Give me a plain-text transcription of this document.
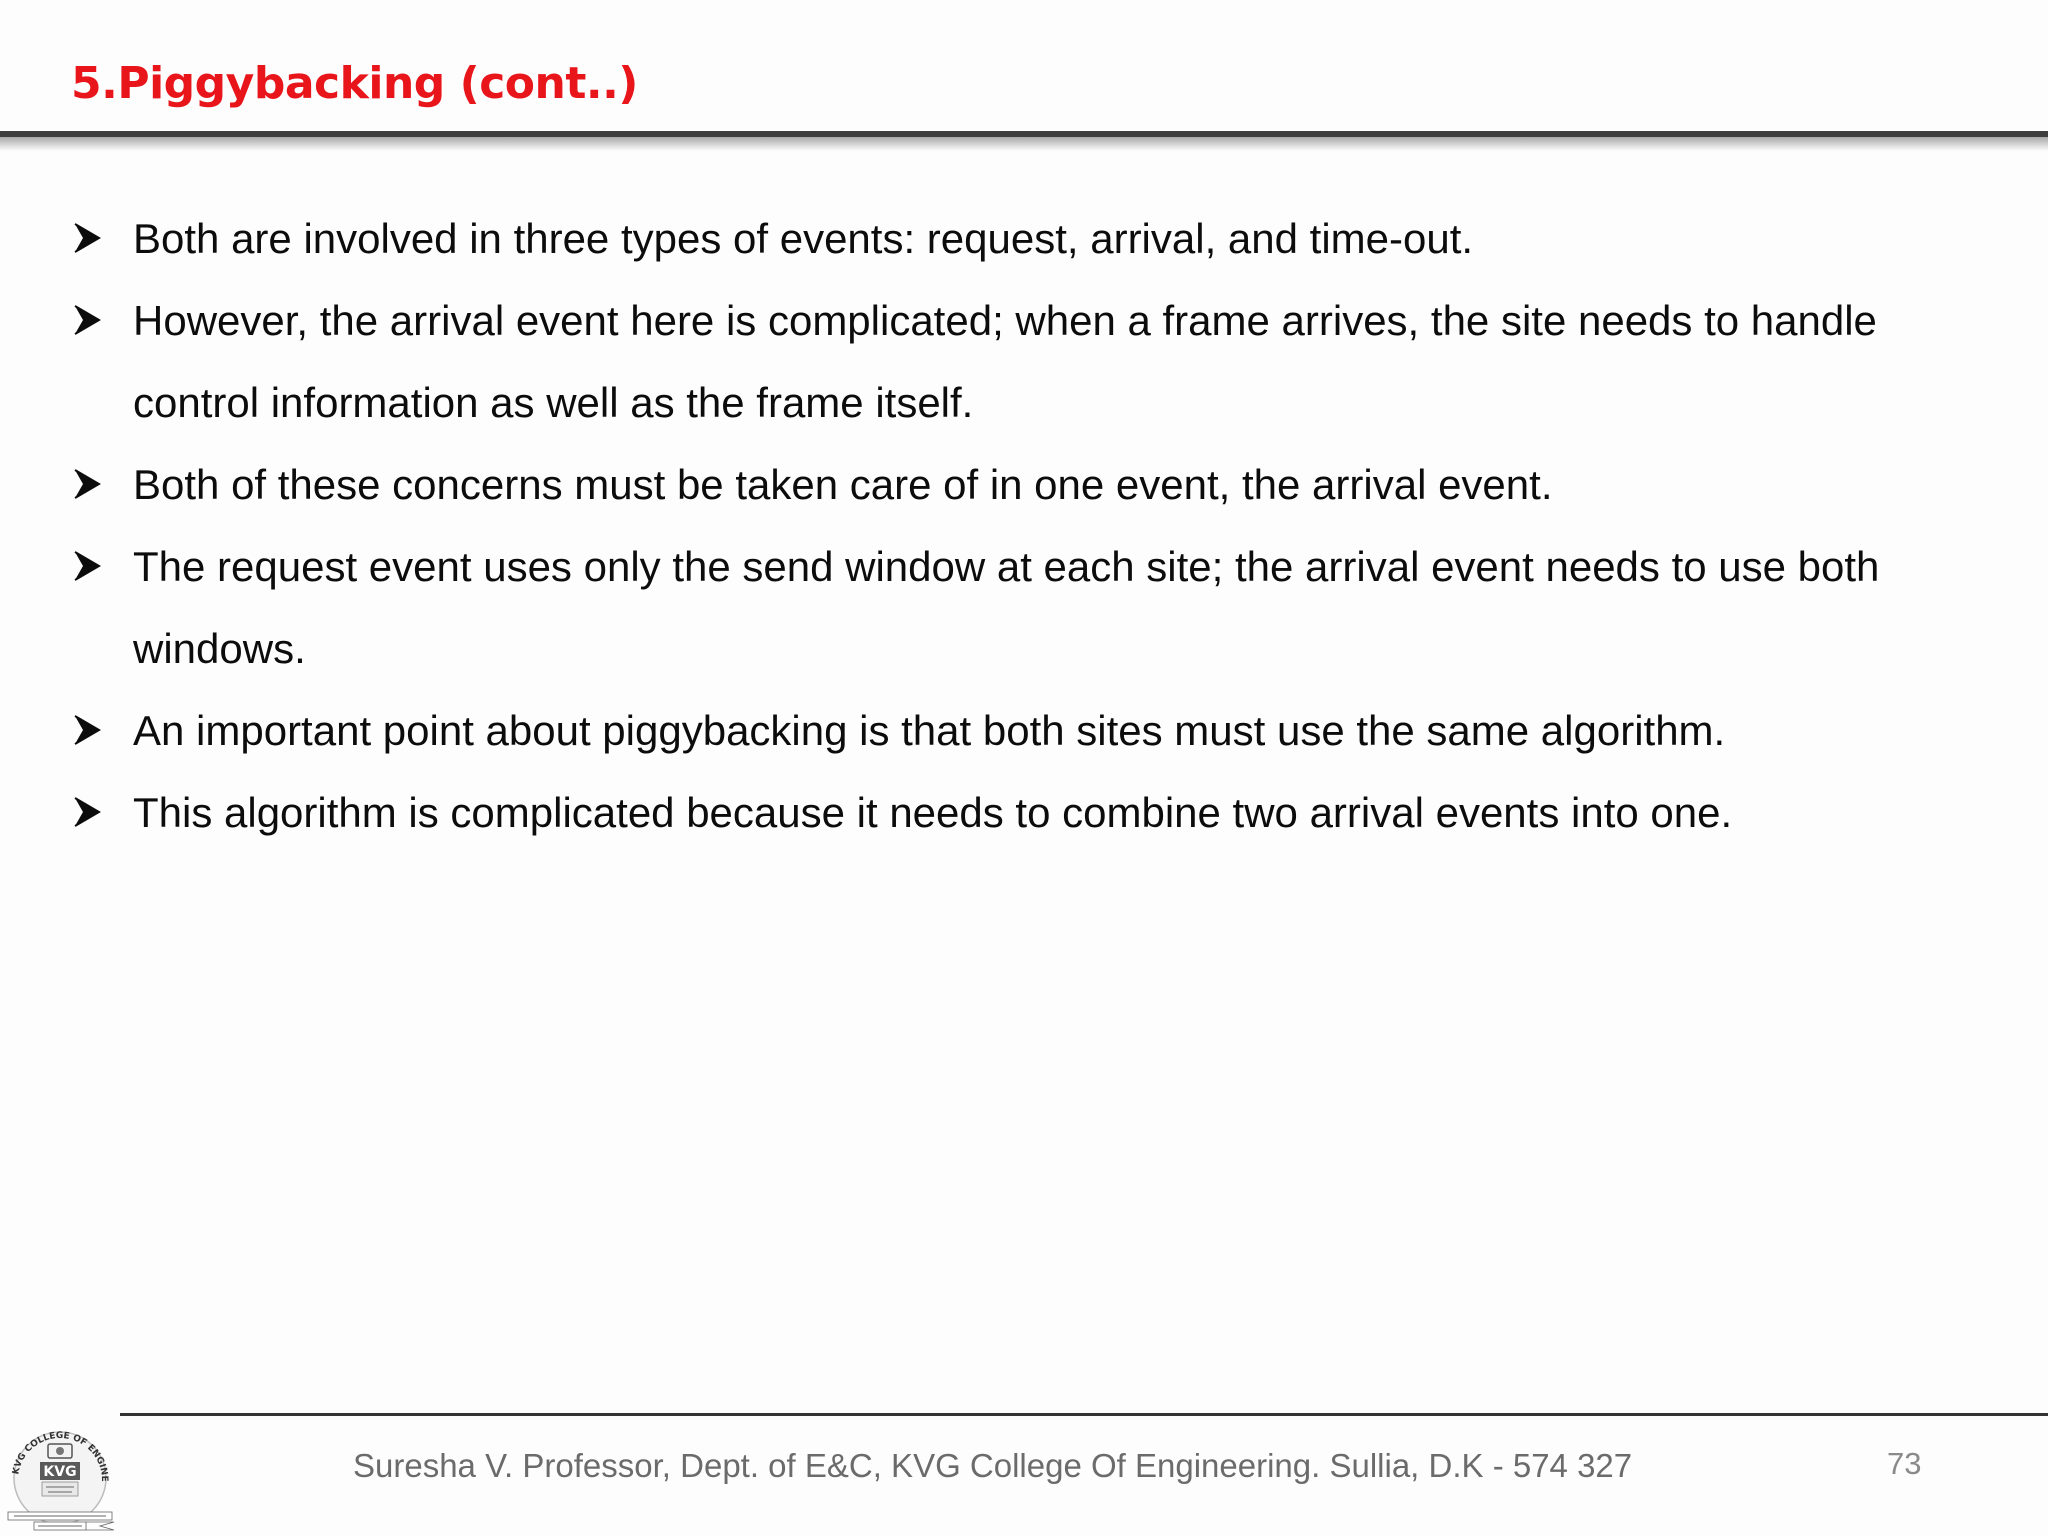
5.Piggybacking (cont..)

Both are involved in three types of events: request, arrival, and time-out.

However, the arrival event here is complicated; when a frame arrives, the site needs to handle

control information as well as the frame itself.

Both of these concerns must be taken care of in one event, the arrival event.

The request event uses only the send window at each site; the arrival event needs to use both

windows.

An important point about piggybacking is that both sites must use the same algorithm.

This algorithm is complicated because it needs to combine two arrival events into one.

KVG COLLEGE OF ENGINE
KVG	Suresha V. Professor, Dept. of E&C, KVG College Of Engineering. Sullia, D.K - 574 327	73
